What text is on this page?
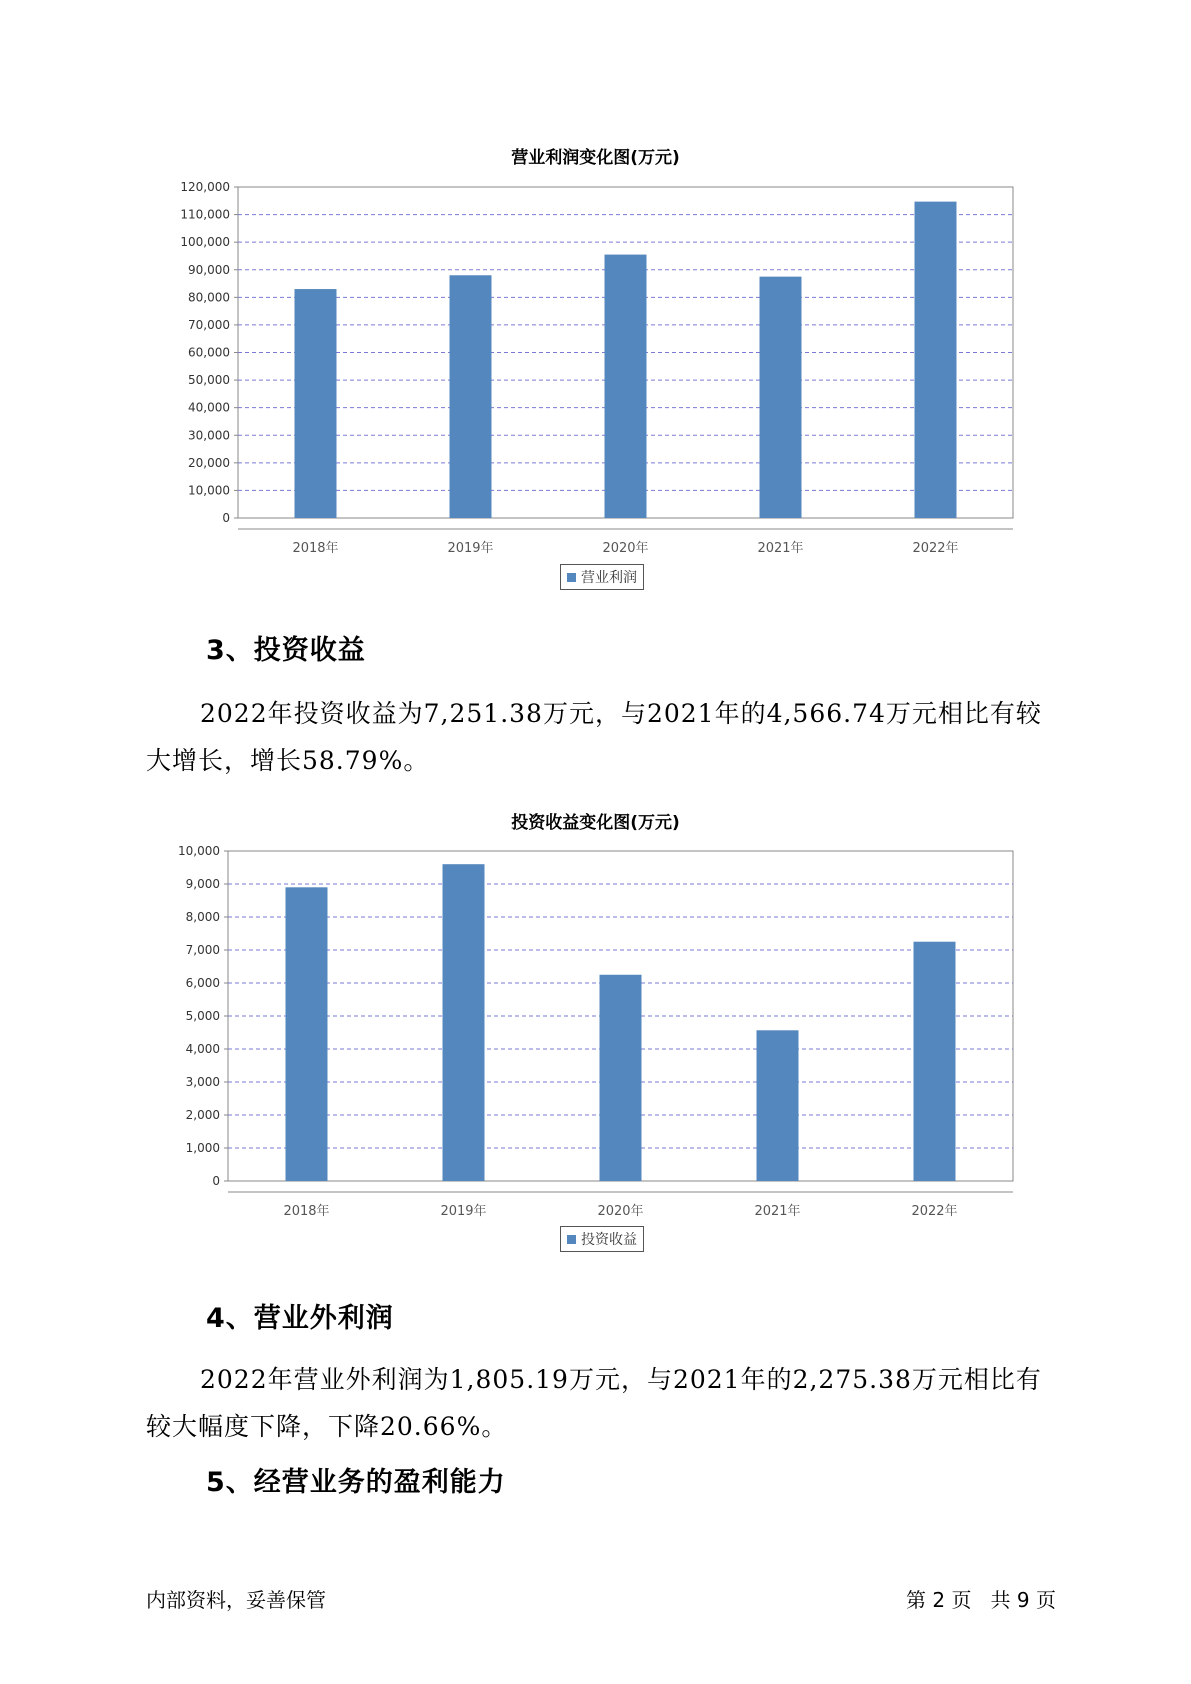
营业利润变化图(万元)
0
10,000
20,000
30,000
40,000
50,000
60,000
70,000
80,000
90,000
100,000
110,000
120,000
2018年	2019年	2020年	2021年	2022年
营业利润
3、投资收益
2022年投资收益为7,251.38万元，与2021年的4,566.74万元相比有较大增长，增长58.79%。
投资收益变化图(万元)
0
1,000
2,000
3,000
4,000
5,000
6,000
7,000
8,000
9,000
10,000
2018年	2019年	2020年	2021年	2022年
投资收益
4、营业外利润
2022年营业外利润为1,805.19万元，与2021年的2,275.38万元相比有较大幅度下降，下降20.66%。
5、经营业务的盈利能力
内部资料，妥善保管	第 2 页   共 9 页
